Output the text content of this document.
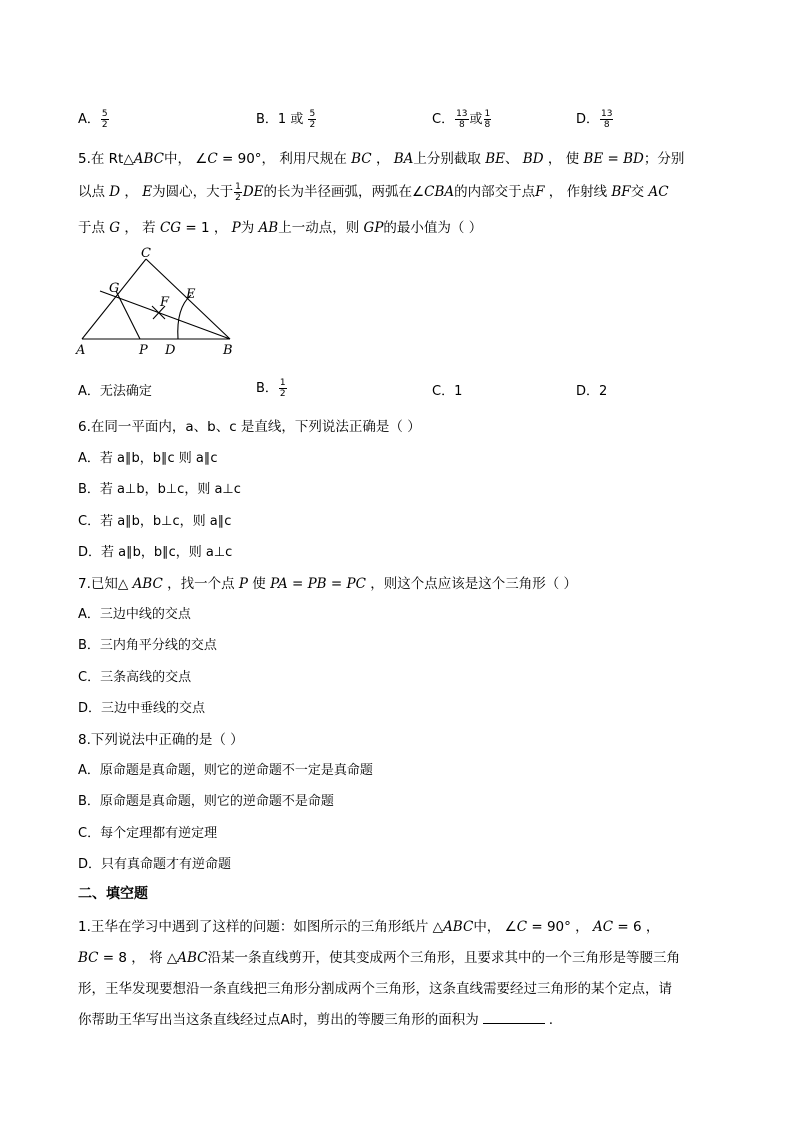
A． $\frac{5}{2}$	B．1 或 $\frac{5}{2}$	C． $\frac{13}{8}$ 或 $\frac{1}{8}$	D． $\frac{13}{8}$
5.在 Rt△ABC中， ∠C = 90°， 利用尺规在 BC ， BA上分别截取 BE、 BD ， 使 BE = BD；分别
以点 D ， E为圆心，大于 $\frac{1}{2}$ DE的长为半径画弧，两弧在∠CBA的内部交于点F ， 作射线 BF交 AC
于点 G ， 若 CG = 1 ， P为 AB上一动点，则 GP的最小值为（ ）
C
G	E
F
A	P D	B
A．无法确定	B． $\frac{1}{2}$	C．1	D．2
6.在同一平面内，a、b、c 是直线，下列说法正确是（ ）
A．若 a∥b，b∥c 则 a∥c
B．若 a⊥b，b⊥c，则 a⊥c
C．若 a∥b，b⊥c，则 a∥c
D．若 a∥b，b∥c，则 a⊥c
7.已知△ ABC ，找一个点 P 使 PA = PB = PC ，则这个点应该是这个三角形（ ）
A．三边中线的交点
B．三内角平分线的交点
C．三条高线的交点
D．三边中垂线的交点
8.下列说法中正确的是（ ）
A．原命题是真命题，则它的逆命题不一定是真命题
B．原命题是真命题，则它的逆命题不是命题
C．每个定理都有逆定理
D．只有真命题才有逆命题
二、填空题
1.王华在学习中遇到了这样的问题：如图所示的三角形纸片 △ABC中， ∠C = 90° ， AC = 6 ，
BC = 8 ， 将 △ABC沿某一条直线剪开，使其变成两个三角形，且要求其中的一个三角形是等腰三角
形，王华发现要想沿一条直线把三角形分割成两个三角形，这条直线需要经过三角形的某个定点，请
你帮助王华写出当这条直线经过点A时，剪出的等腰三角形的面积为	.
